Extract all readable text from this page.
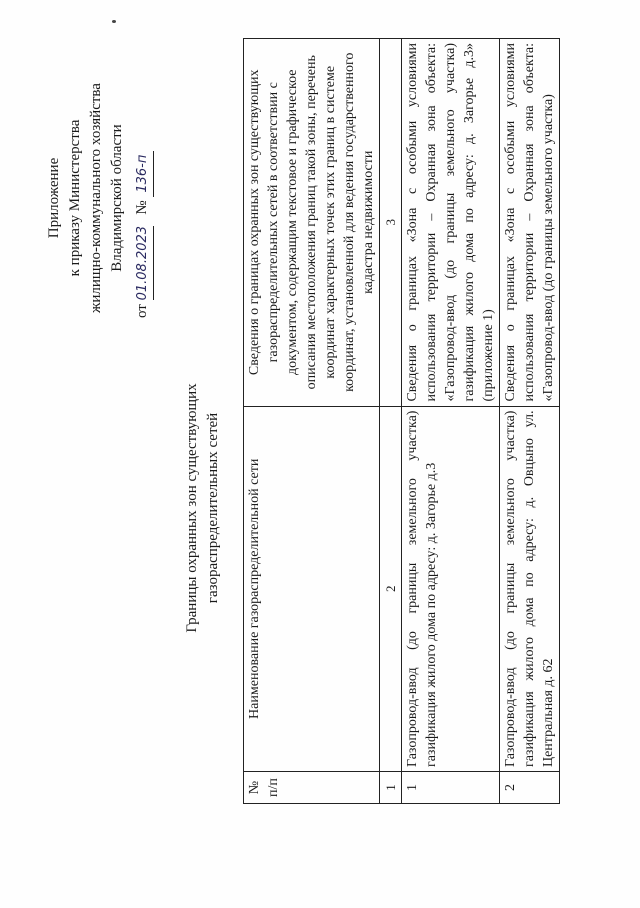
Приложение к приказу Министерства жилищно-коммунального хозяйства Владимирской области
от 01.08.2023   № 136-п
Границы охранных зон существующих газораспределительных сетей
№ п/п	Наименование газораспределительной сети	Сведения о границах охранных зон существующих газораспределительных сетей в соответствии с документом, содержащим текстовое и графическое описания местоположения границ такой зоны, перечень координат характерных точек этих границ в системе координат, установленной для ведения государственного кадастра недвижимости
1	2	3
1	Газопровод-ввод (до границы земельного участка) газификация жилого дома по адресу: д. Загорье д.3	Сведения о границах «Зона с особыми условиями использования территории – Охранная зона объекта: «Газопровод-ввод (до границы земельного участка) газификация жилого дома по адресу: д. Загорье д.3» (приложение 1)
2	Газопровод-ввод (до границы земельного участка) газификация жилого дома по адресу: д. Овцыно ул. Центральная д. 62	Сведения о границах «Зона с особыми условиями использования территории – Охранная зона объекта: «Газопровод-ввод (до границы земельного участка)
